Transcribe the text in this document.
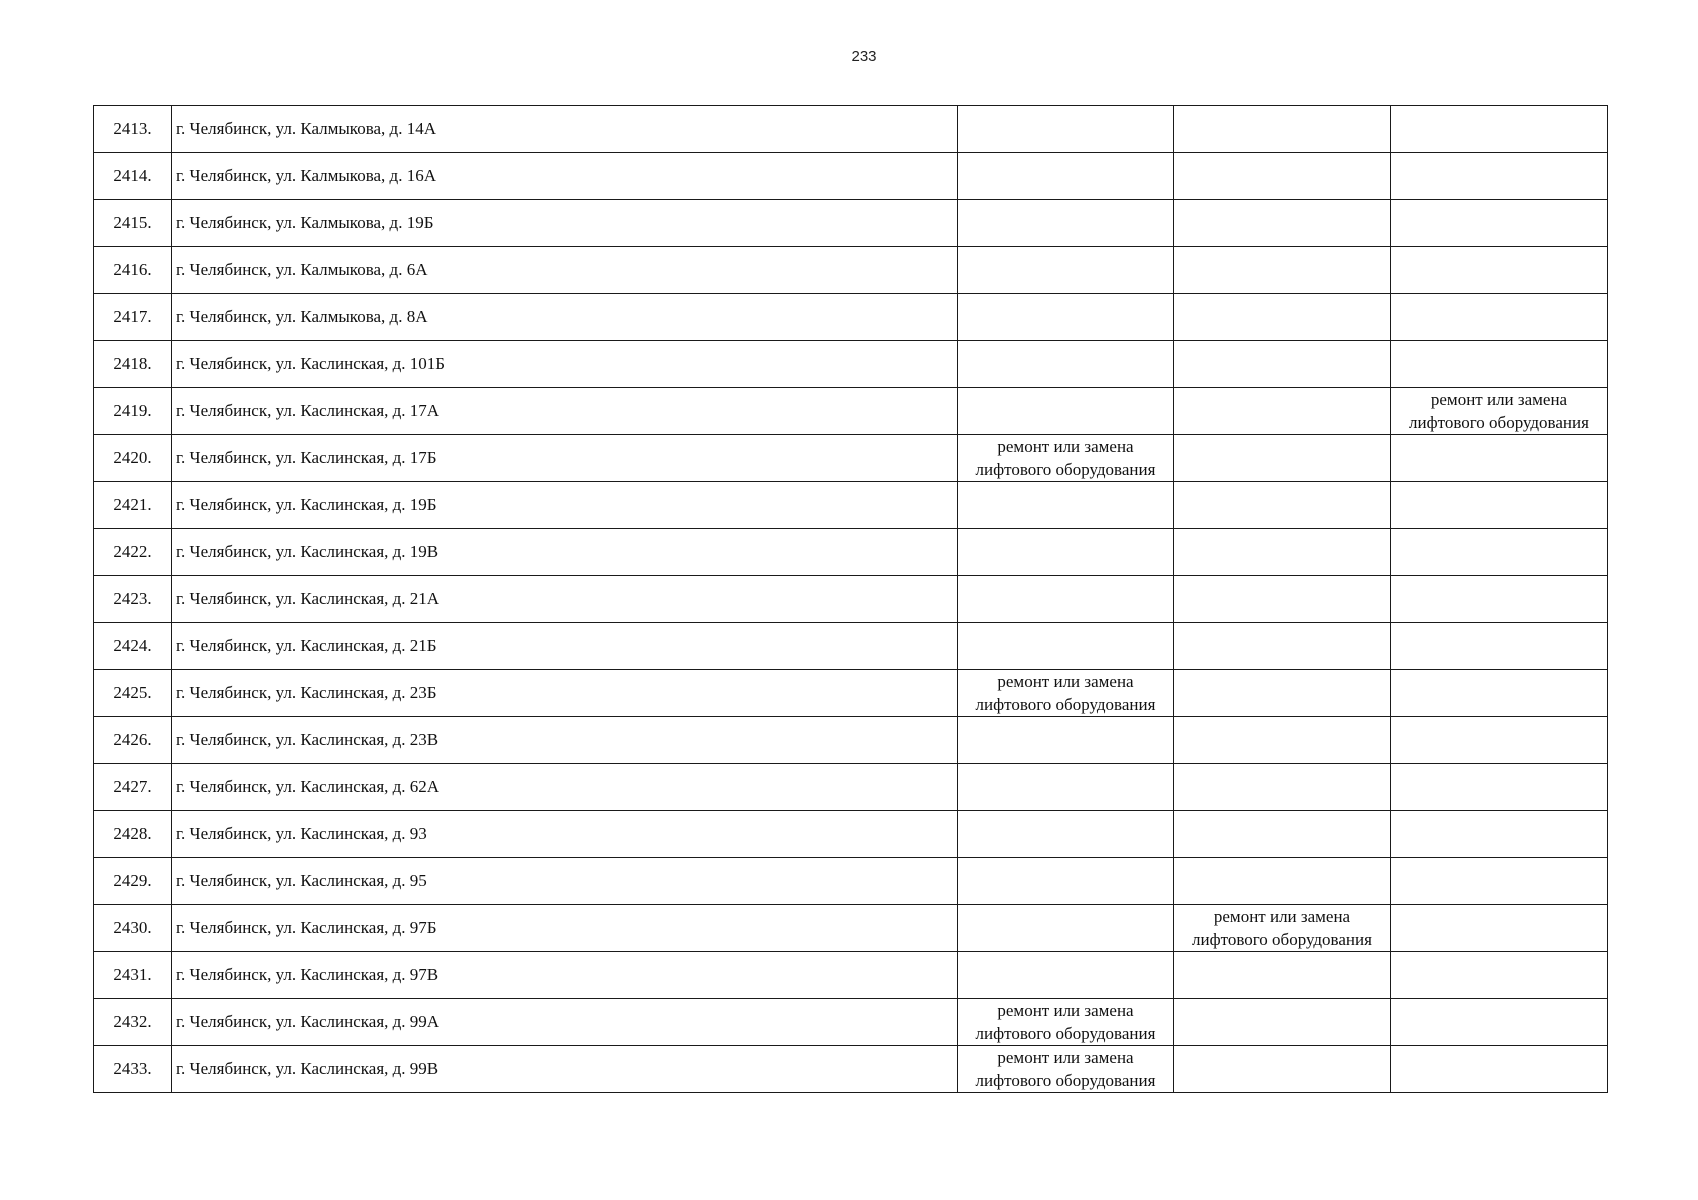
233
2413.	г. Челябинск, ул. Калмыкова, д. 14А			
2414.	г. Челябинск, ул. Калмыкова, д. 16А			
2415.	г. Челябинск, ул. Калмыкова, д. 19Б			
2416.	г. Челябинск, ул. Калмыкова, д. 6А			
2417.	г. Челябинск, ул. Калмыкова, д. 8А			
2418.	г. Челябинск, ул. Каслинская, д. 101Б			
2419.	г. Челябинск, ул. Каслинская, д. 17А			ремонт или замена лифтового оборудования
2420.	г. Челябинск, ул. Каслинская, д. 17Б	ремонт или замена лифтового оборудования		
2421.	г. Челябинск, ул. Каслинская, д. 19Б			
2422.	г. Челябинск, ул. Каслинская, д. 19В			
2423.	г. Челябинск, ул. Каслинская, д. 21А			
2424.	г. Челябинск, ул. Каслинская, д. 21Б			
2425.	г. Челябинск, ул. Каслинская, д. 23Б	ремонт или замена лифтового оборудования		
2426.	г. Челябинск, ул. Каслинская, д. 23В			
2427.	г. Челябинск, ул. Каслинская, д. 62А			
2428.	г. Челябинск, ул. Каслинская, д. 93			
2429.	г. Челябинск, ул. Каслинская, д. 95			
2430.	г. Челябинск, ул. Каслинская, д. 97Б		ремонт или замена лифтового оборудования	
2431.	г. Челябинск, ул. Каслинская, д. 97В			
2432.	г. Челябинск, ул. Каслинская, д. 99А	ремонт или замена лифтового оборудования		
2433.	г. Челябинск, ул. Каслинская, д. 99В	ремонт или замена лифтового оборудования		
